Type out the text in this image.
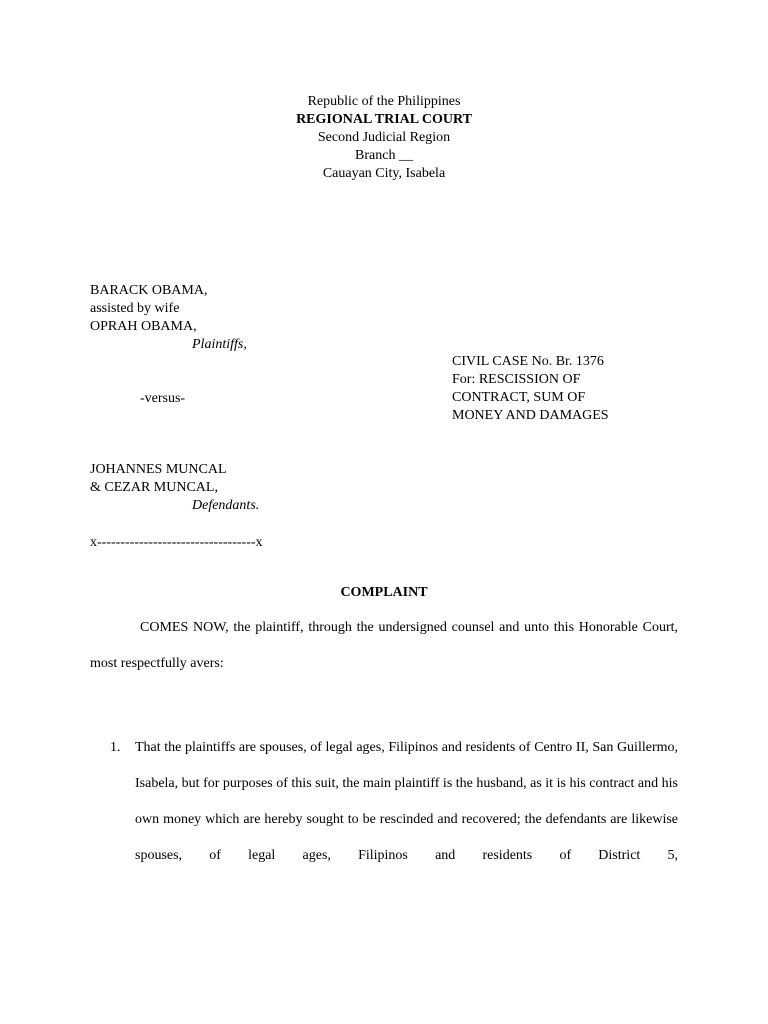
Republic of the Philippines
REGIONAL TRIAL COURT
Second Judicial Region
Branch __
Cauayan City, Isabela
BARACK OBAMA,
assisted by wife
OPRAH OBAMA,
Plaintiffs,
CIVIL CASE No. Br. 1376
For: RESCISSION OF
CONTRACT, SUM OF
MONEY AND DAMAGES
-versus-
JOHANNES MUNCAL
& CEZAR MUNCAL,
Defendants.
x----------------------------------x
COMPLAINT
COMES NOW, the plaintiff, through the undersigned counsel and unto this Honorable Court, most respectfully avers:
1. That the plaintiffs are spouses, of legal ages, Filipinos and residents of Centro II, San Guillermo, Isabela, but for purposes of this suit, the main plaintiff is the husband, as it is his contract and his own money which are hereby sought to be rescinded and recovered; the defendants are likewise spouses, of legal ages, Filipinos and residents of District 5,
